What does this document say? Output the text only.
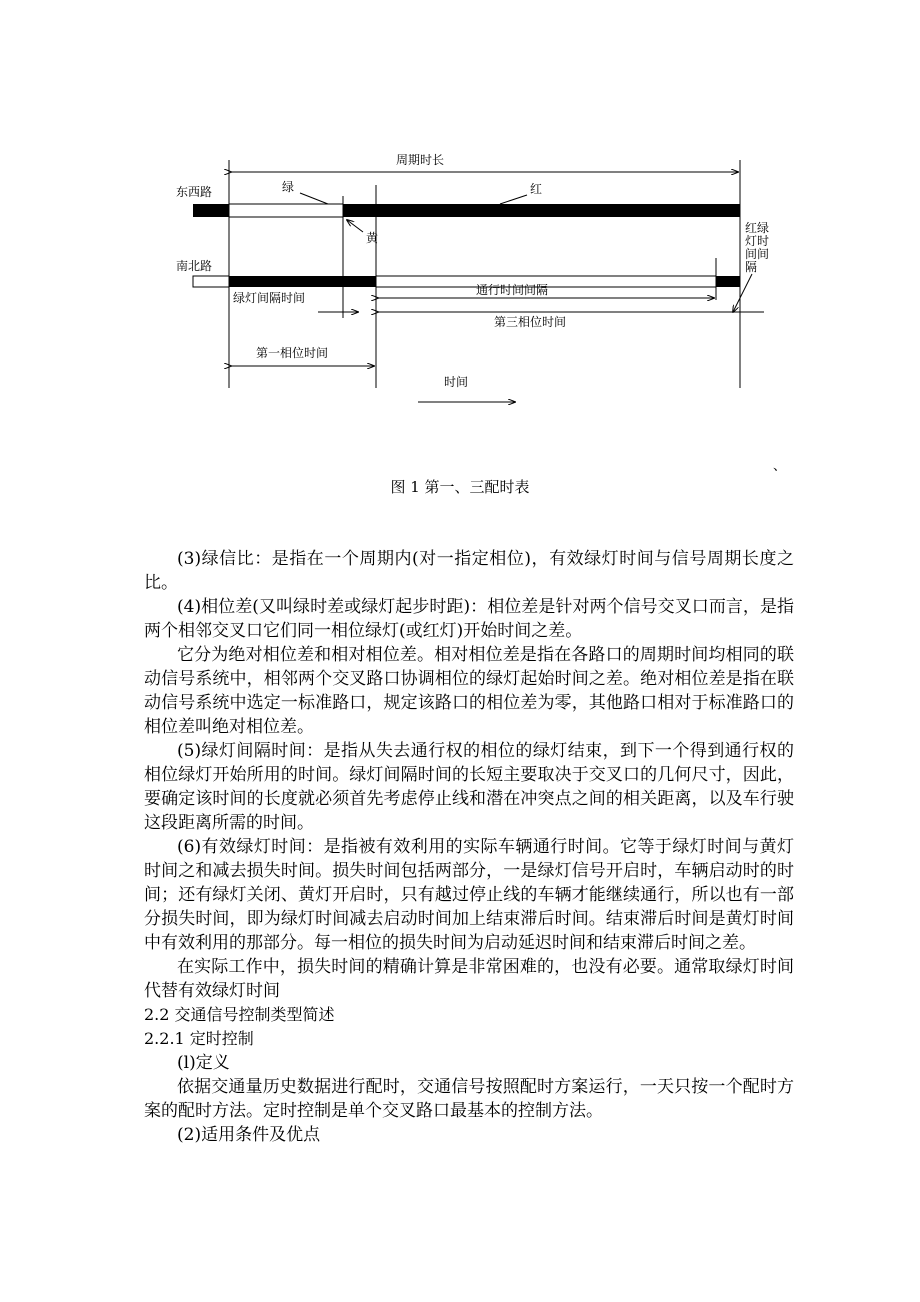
周期时长
东西路	绿	红
黄
红绿
灯时
间间
隔
南北路
绿灯间隔时间
通行时间间隔
第三相位时间
第一相位时间
时间
、
图 1 第一、三配时表

(3)绿信比：是指在一个周期内(对一指定相位)，有效绿灯时间与信号周期长度之比。

(4)相位差(又叫绿时差或绿灯起步时距)：相位差是针对两个信号交叉口而言，是指两个相邻交叉口它们同一相位绿灯(或红灯)开始时间之差。

它分为绝对相位差和相对相位差。相对相位差是指在各路口的周期时间均相同的联动信号系统中，相邻两个交叉路口协调相位的绿灯起始时间之差。绝对相位差是指在联动信号系统中选定一标准路口，规定该路口的相位差为零，其他路口相对于标准路口的相位差叫绝对相位差。

(5)绿灯间隔时间：是指从失去通行权的相位的绿灯结束，到下一个得到通行权的相位绿灯开始所用的时间。绿灯间隔时间的长短主要取决于交叉口的几何尺寸，因此，要确定该时间的长度就必须首先考虑停止线和潜在冲突点之间的相关距离，以及车行驶这段距离所需的时间。

(6)有效绿灯时间：是指被有效利用的实际车辆通行时间。它等于绿灯时间与黄灯时间之和减去损失时间。损失时间包括两部分，一是绿灯信号开启时，车辆启动时的时间；还有绿灯关闭、黄灯开启时，只有越过停止线的车辆才能继续通行，所以也有一部分损失时间，即为绿灯时间减去启动时间加上结束滞后时间。结束滞后时间是黄灯时间中有效利用的那部分。每一相位的损失时间为启动延迟时间和结束滞后时间之差。

在实际工作中，损失时间的精确计算是非常困难的，也没有必要。通常取绿灯时间代替有效绿灯时间

2.2 交通信号控制类型简述

2.2.1 定时控制

(l)定义

依据交通量历史数据进行配时，交通信号按照配时方案运行，一天只按一个配时方案的配时方法。定时控制是单个交叉路口最基本的控制方法。

(2)适用条件及优点
